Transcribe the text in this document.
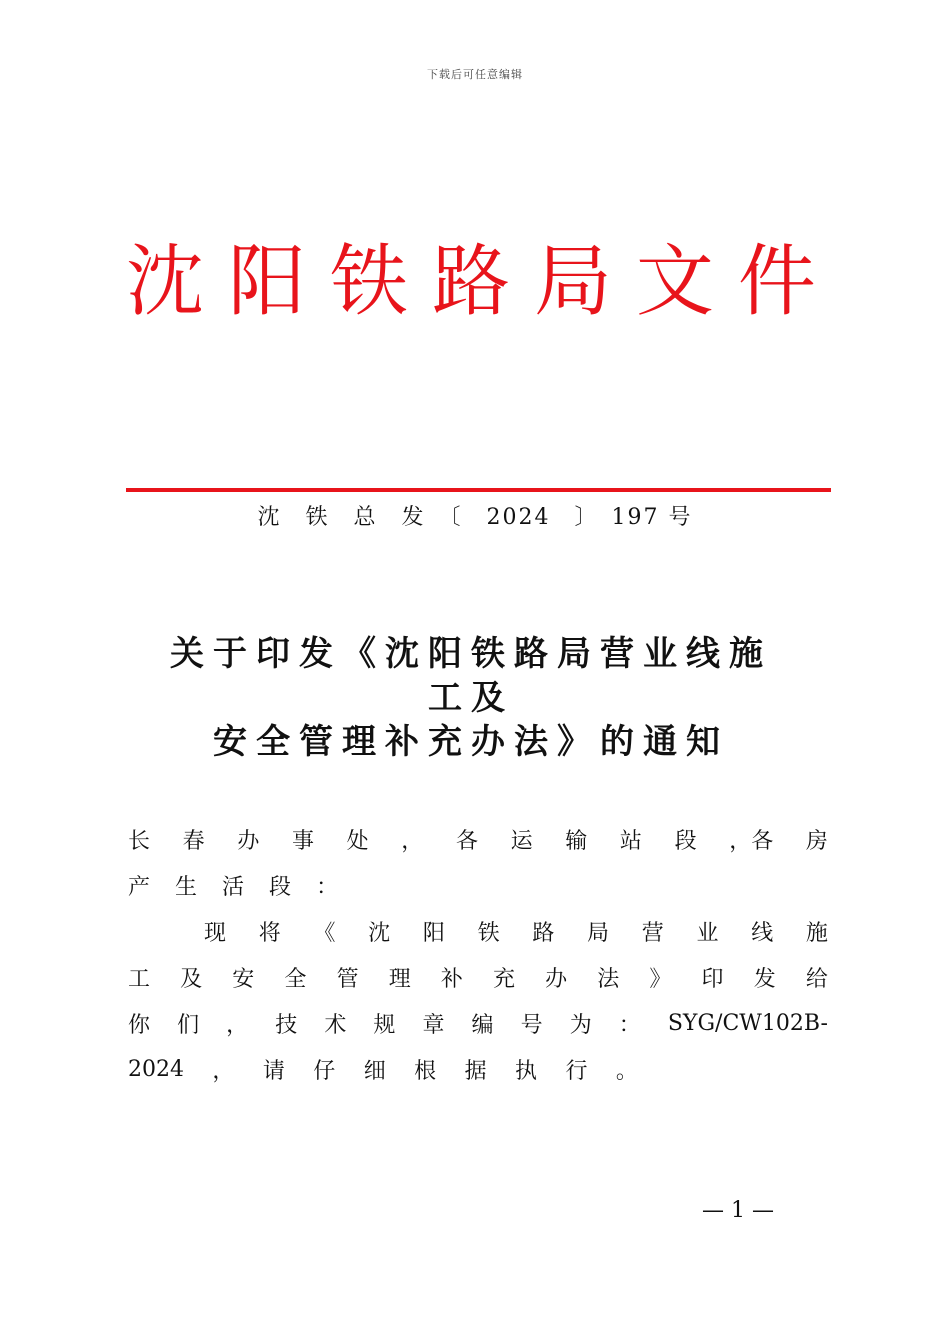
下载后可任意编辑
沈 阳 铁 路 局 文 件
沈　铁　总　发　〔　2024　〕　197 号
关于印发《沈阳铁路局营业线施
工及
安全管理补充办法》的通知
长 春 办 事 处 ， 各 运 输 站 段 ，各 房
产 生 活 段 ：
现 将 《 沈 阳 铁 路 局 营 业 线 施
工 及 安 全 管 理 补 充 办 法 》 印 发 给
你 们 ， 技 术 规 章 编 号 为 ： SYG/CW102B-
2024 ， 请 仔 细 根 据 执 行 。
— 1 —
